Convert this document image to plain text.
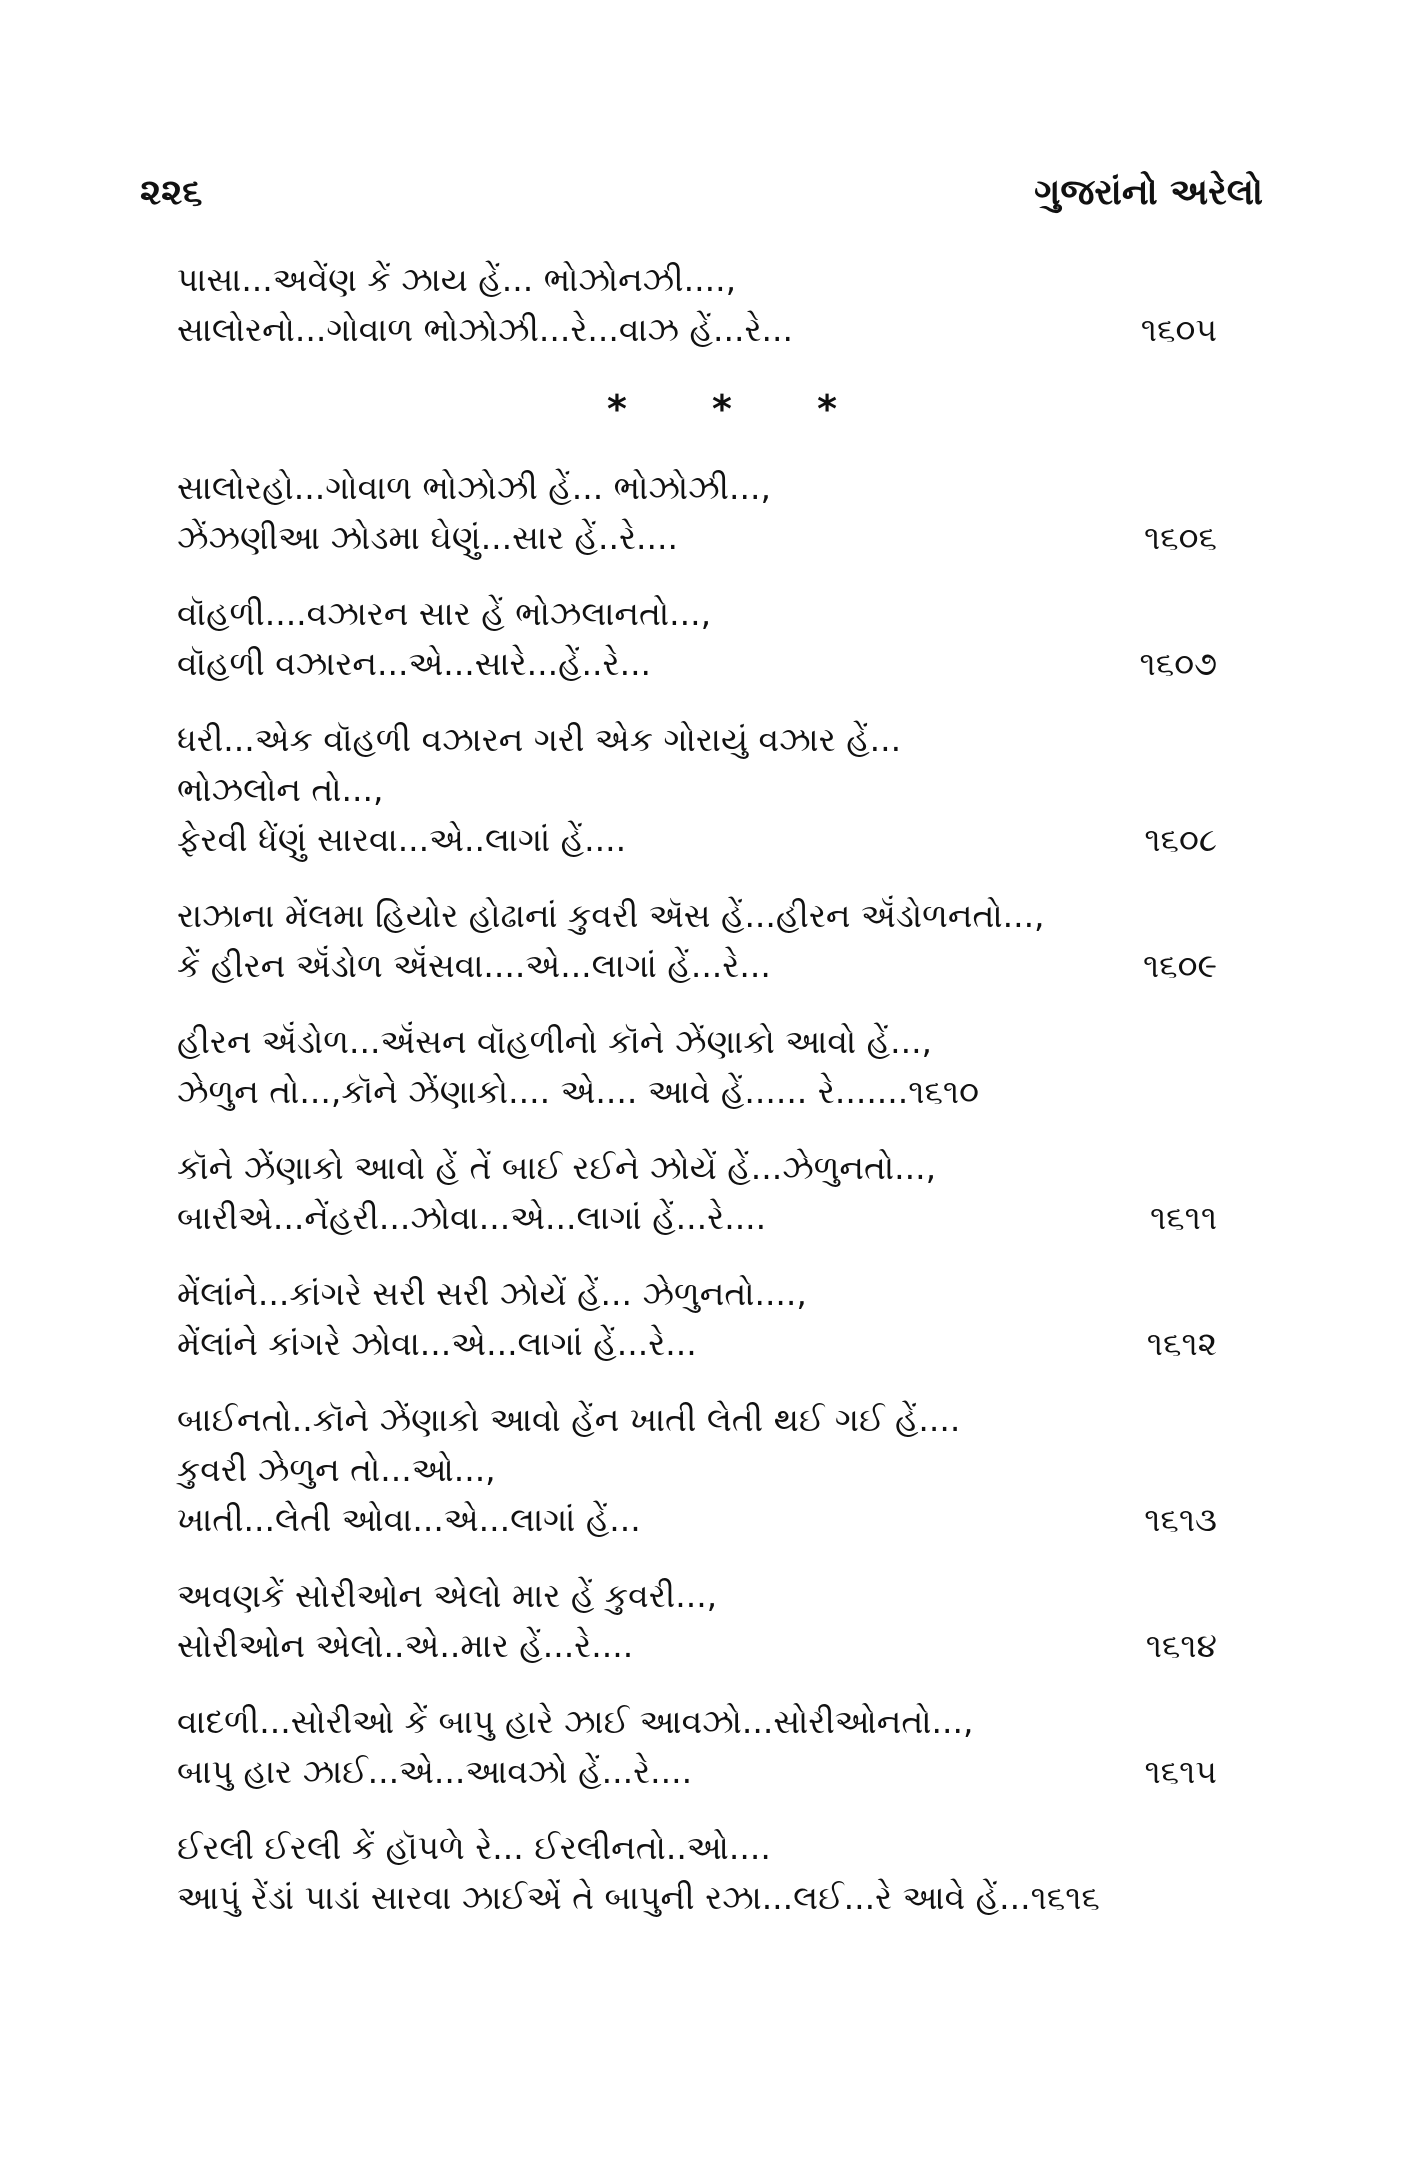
૨૨૬	ગુજરાંનો અરેલો
પાસા...અવેંણ કેં ઝાય હેં... ભોઝોનઝી....,
સાલોરનો...ગોવાળ ભોઝોઝી...રે...વાઝ હેં...રે...	૧૬૦૫
* * *
સાલોરહો...ગોવાળ ભોઝોઝી હેં... ભોઝોઝી...,
ઝેંઝણીઆ ઝોડમા ઘેણું...સાર હેં..રે....	૧૬૦૬
વૉહળી....વઝારન સાર હેં ભોઝલાનતો...,
વૉહળી વઝારન...એ...સારે...હેં..રે...	૧૬૦૭
ધરી...એક વૉહળી વઝારન ગરી એક ગોરાયું વઝાર હેં...
ભોઝલોન તો...,
ફેરવી ધેંણું સારવા...એ..લાગાં હેં....	૧૬૦૮
રાઝાના મેંલમા હિયોર હોઢાનાં કુવરી ઍસ હેં...હીરન ઍંડોળનતો...,
કેં હીરન ઍંડોળ ઍંસવા....એ...લાગાં હેં...રે...	૧૬૦૯
હીરન ઍંડોળ...ઍંસન વૉહળીનો કૉને ઝેંણાકો આવો હેં...,
ઝેળુન તો...,કૉને ઝેંણાકો.... એ.... આવે હેં...... રે.......૧૬૧૦
કૉને ઝેંણાકો આવો હેં તેં બાઈ રઈને ઝોયેં હેં...ઝેળુનતો...,
બારીએ...નેંહરી...ઝોવા...એ...લાગાં હેં...રે....	૧૬૧૧
મેંલાંને...કાંગરે સરી સરી ઝોયેં હેં... ઝેળુનતો....,
મેંલાંને કાંગરે ઝોવા...એ...લાગાં હેં...રે...	૧૬૧૨
બાઈનતો..કૉને ઝેંણાકો આવો હેંન ખાતી લેતી થઈ ગઈ હેં....
કુવરી ઝેળુન તો...ઓ...,
ખાતી...લેતી ઓવા...એ...લાગાં હેં...	૧૬૧૩
અવણકેં સોરીઓન એલો માર હેં કુવરી...,
સોરીઓન એલો..એ..માર હેં...રે....	૧૬૧૪
વાદળી...સોરીઓ કેં બાપુ હારે ઝાઈ આવઝો...સોરીઓનતો...,
બાપુ હાર ઝાઈ...એ...આવઝો હેં...રે....	૧૬૧૫
ઈરલી ઈરલી કેં હૉપળે રે... ઈરલીનતો..ઓ....
આપું રેંડાં પાડાં સારવા ઝાઈએં તે બાપુની રઝા...લઈ...રે આવે હેં...૧૬૧૬
